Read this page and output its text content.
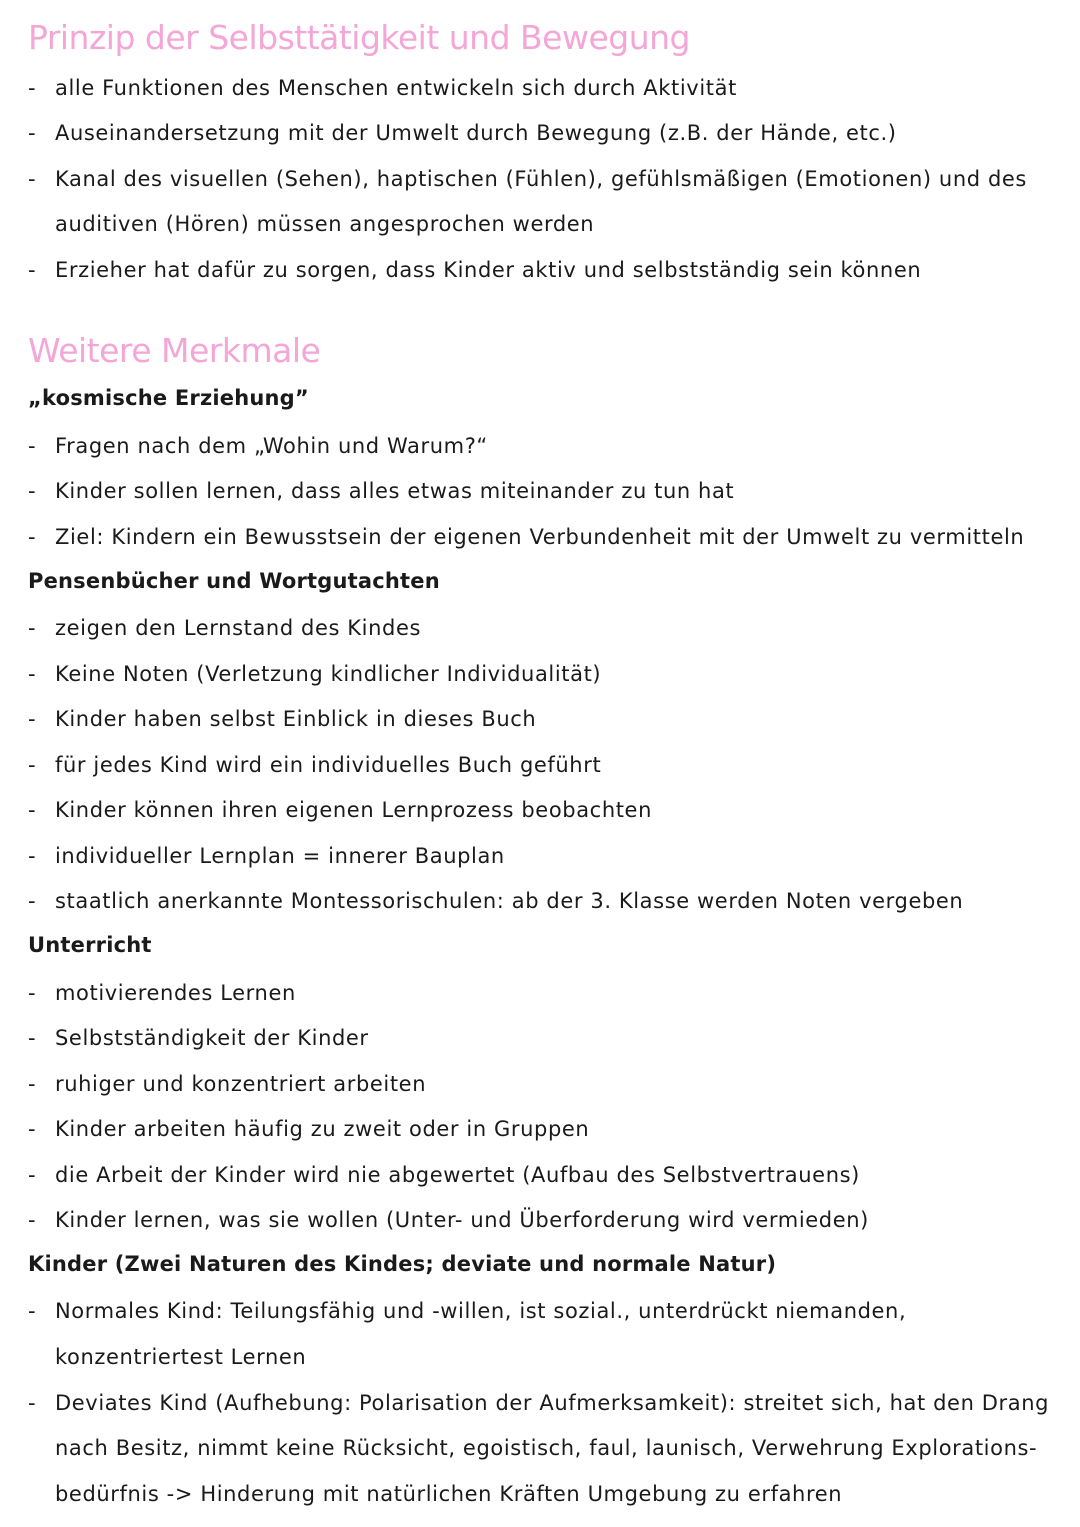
Prinzip der Selbsttätigkeit und Bewegung
- alle Funktionen des Menschen entwickeln sich durch Aktivität
- Auseinandersetzung mit der Umwelt durch Bewegung (z.B. der Hände, etc.)
- Kanal des visuellen (Sehen), haptischen (Fühlen), gefühlsmäßigen (Emotionen) und des
auditiven (Hören) müssen angesprochen werden
- Erzieher hat dafür zu sorgen, dass Kinder aktiv und selbstständig sein können
Weitere Merkmale
„kosmische Erziehung”
- Fragen nach dem „Wohin und Warum?“
- Kinder sollen lernen, dass alles etwas miteinander zu tun hat
- Ziel: Kindern ein Bewusstsein der eigenen Verbundenheit mit der Umwelt zu vermitteln
Pensenbücher und Wortgutachten
- zeigen den Lernstand des Kindes
- Keine Noten (Verletzung kindlicher Individualität)
- Kinder haben selbst Einblick in dieses Buch
- für jedes Kind wird ein individuelles Buch geführt
- Kinder können ihren eigenen Lernprozess beobachten
- individueller Lernplan = innerer Bauplan
- staatlich anerkannte Montessorischulen: ab der 3. Klasse werden Noten vergeben
Unterricht
- motivierendes Lernen
- Selbstständigkeit der Kinder
- ruhiger und konzentriert arbeiten
- Kinder arbeiten häufig zu zweit oder in Gruppen
- die Arbeit der Kinder wird nie abgewertet (Aufbau des Selbstvertrauens)
- Kinder lernen, was sie wollen (Unter- und Überforderung wird vermieden)
Kinder (Zwei Naturen des Kindes; deviate und normale Natur)
- Normales Kind: Teilungsfähig und -willen, ist sozial., unterdrückt niemanden,
konzentriertest Lernen
- Deviates Kind (Aufhebung: Polarisation der Aufmerksamkeit): streitet sich, hat den Drang
nach Besitz, nimmt keine Rücksicht, egoistisch, faul, launisch, Verwehrung Explorations-
bedürfnis -> Hinderung mit natürlichen Kräften Umgebung zu erfahren
